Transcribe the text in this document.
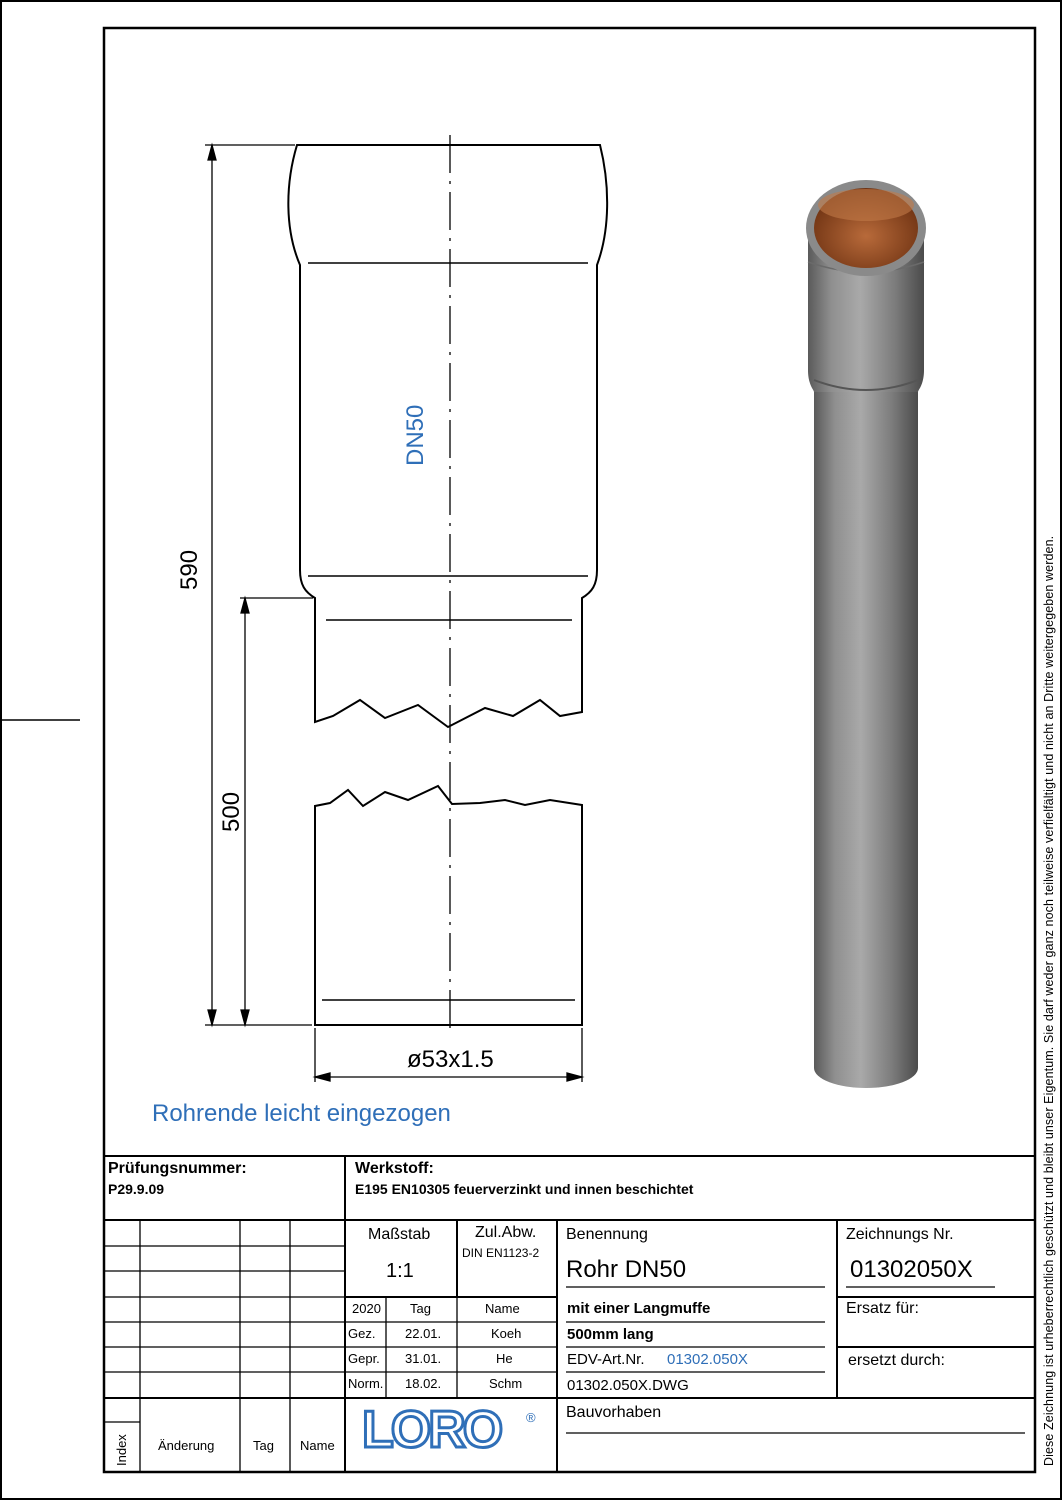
590
500
DN50
ø53x1.5
Rohrende leicht eingezogen	Diese Zeichnung ist urheberrechtlich geschützt und bleibt unser Eigentum. Sie darf weder ganz noch teilweise verfielfältigt und nicht an Dritte weitergegeben werden.
Prüfungsnummer:
P29.9.09
Werkstoff:
E195 EN10305 feuerverzinkt und innen beschichtet
Maßstab
1:1
Zul.Abw.
DIN EN1123-2
Benennung
Rohr DN50
Zeichnungs Nr.
01302050X
2020 Tag	Name
Gez. 22.01.	Koeh
Gepr. 31.01.	He
Norm. 18.02.	Schm
mit einer Langmuffe
500mm lang
EDV-Art.Nr. 01302.050X
01302.050X.DWG
Ersatz für:
ersetzt durch:
Bauvorhaben
Index Änderung	Tag Name LORO ®
